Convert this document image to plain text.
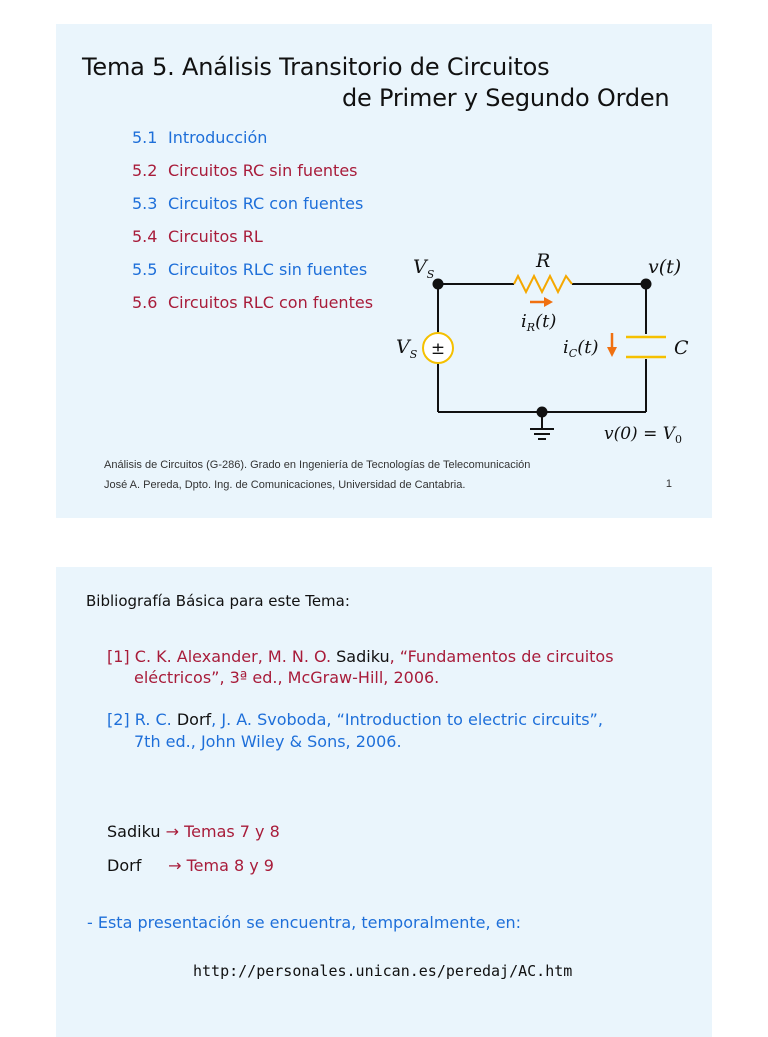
Tema 5. Análisis Transitorio de Circuitos
de Primer y Segundo Orden
5.1 Introducción
5.2 Circuitos RC sin fuentes
5.3 Circuitos RC con fuentes
5.4 Circuitos RL
5.5 Circuitos RLC sin fuentes
5.6 Circuitos RLC con fuentes
±
$V_S$
R	v(t)
$i_R(t)$
$V_S$	$i_C(t)$	C
$v(0) = V_0$
Análisis de Circuitos (G-286). Grado en Ingeniería de Tecnologías de Telecomunicación
José A. Pereda, Dpto. Ing. de Comunicaciones, Universidad de Cantabria.	1
Bibliografía Básica para este Tema:
[1] C. K. Alexander, M. N. O. Sadiku, “Fundamentos de circuitos
eléctricos”, 3ª ed., McGraw-Hill, 2006.
[2] R. C. Dorf, J. A. Svoboda, “Introduction to electric circuits”,
7th ed., John Wiley & Sons, 2006.
Sadiku → Temas 7 y 8
Dorf → Tema 8 y 9
- Esta presentación se encuentra, temporalmente, en:
http://personales.unican.es/peredaj/AC.htm
